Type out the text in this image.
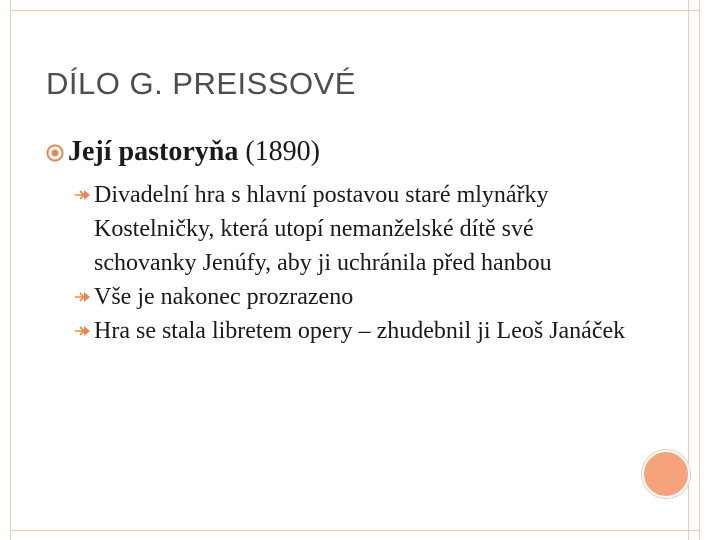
DÍLO G. PREISSOVÉ
Její pastoryňa (1890)
Divadelní hra s hlavní postavou staré mlynářky Kostelničky, která utopí nemanželské dítě své schovanky Jenúfy, aby ji uchránila před hanbou
Vše je nakonec prozrazeno
Hra se stala libretem opery – zhudebnil ji Leoš Janáček
